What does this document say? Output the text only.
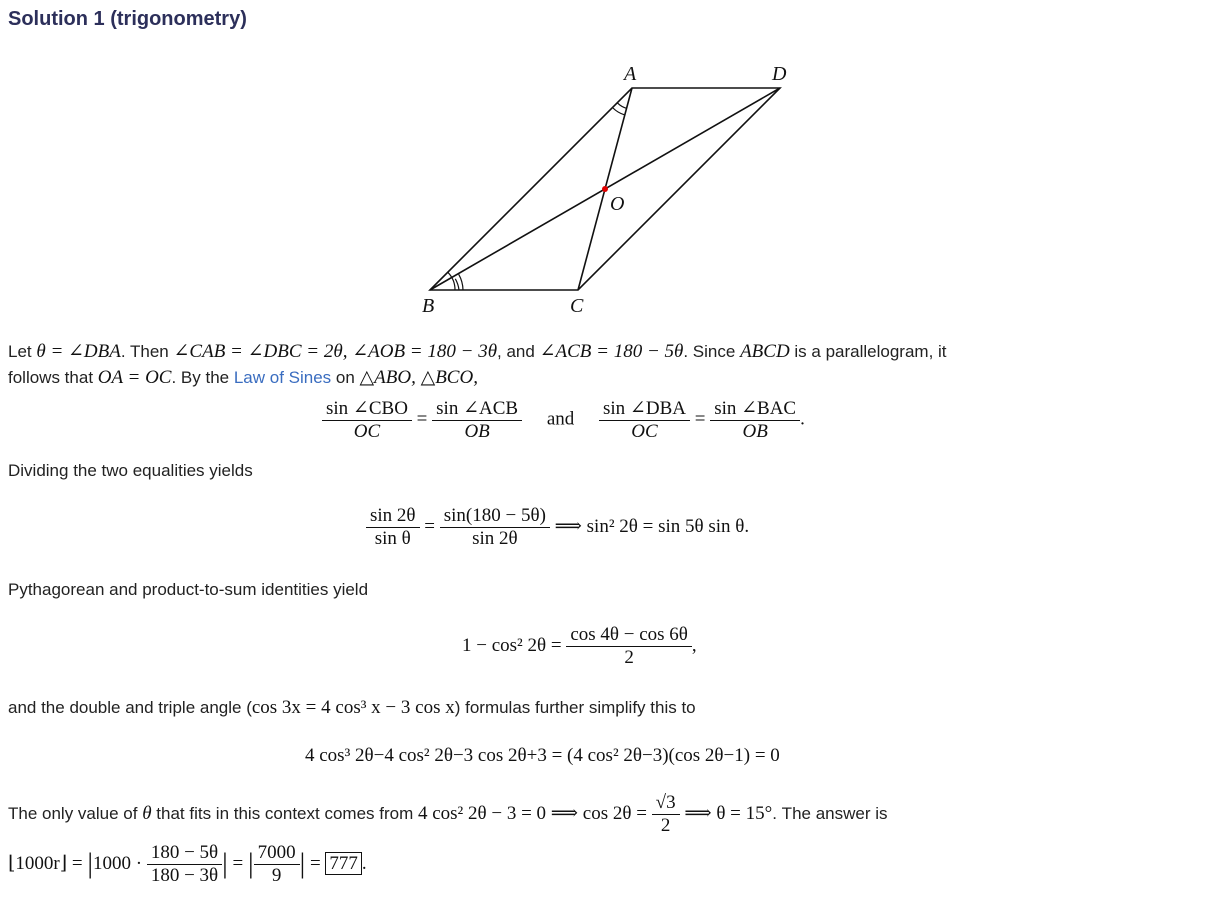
Solution 1 (trigonometry)
A	D
O
B	C
Let θ = ∠DBA. Then ∠CAB = ∠DBC = 2θ, ∠AOB = 180 − 3θ, and ∠ACB = 180 − 5θ. Since ABCD is a parallelogram, it
follows that OA = OC. By the Law of Sines on △ABO, △BCO,
$\frac{\text{sin ∠CBO}}{OC} = \frac{\text{sin ∠ACB}}{OB}$ and $\frac{\text{sin ∠DBA}}{OC} = \frac{\text{sin ∠BAC}}{OB}$ .
Dividing the two equalities yields
$\frac{\sin 2\theta}{\text{sin θ}} = \frac{\sin(180 - 5\theta)}{\sin 2\theta}$ ⟹ sin² 2θ = sin 5θ sin θ.
Pythagorean and product-to-sum identities yield
1 − cos² $2\theta = \frac{\cos 4\theta - \cos 6\theta}{2}$ ,
and the double and triple angle (cos 3x = 4 cos³ x − 3 cos x) formulas further simplify this to
4 cos³ 2θ−4 cos² 2θ−3 cos 2θ+3 = (4 cos² 2θ−3)(cos 2θ−1) = 0
The only value of θ that fits in this context comes from 4 cos² 2θ − 3 = 0 ⟹ $\cos 2\theta = \frac{√3}{2}$ ⟹ θ = 15°. The answer is
⌊1000r⌋ = $|1000 \cdot \frac{180 - 5\theta}{180 - 3\theta}$ | = | $\frac{7000}{9}$ | = 777 .
